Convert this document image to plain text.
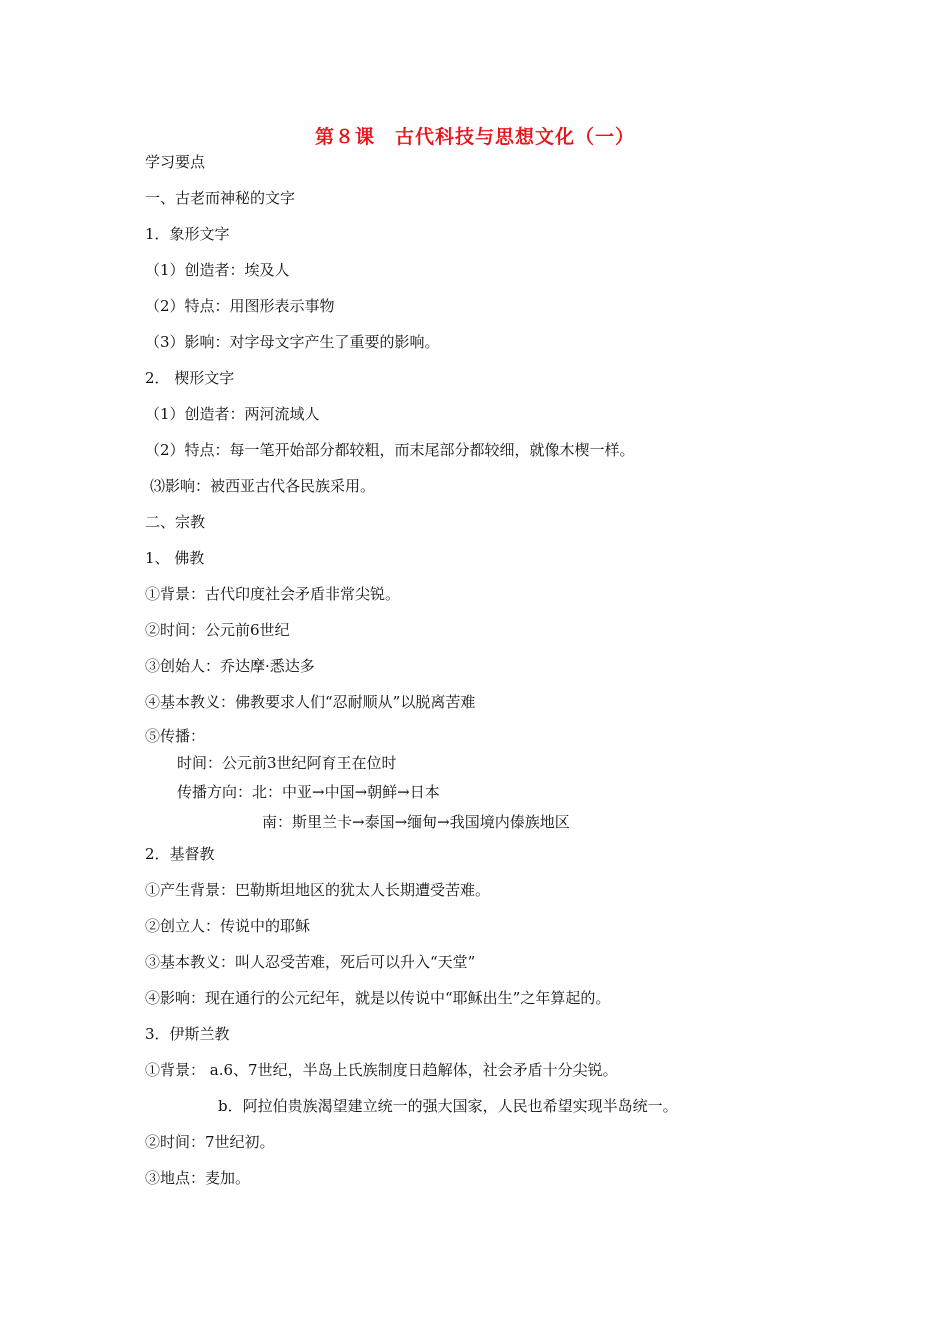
第８课　古代科技与思想文化（一）
学习要点
一、古老而神秘的文字
1．象形文字
（1）创造者：埃及人
（2）特点：用图形表示事物
（3）影响：对字母文字产生了重要的影响。
2． 楔形文字
（1）创造者：两河流域人
（2）特点：每一笔开始部分都较粗，而末尾部分都较细，就像木楔一样。
⑶影响：被西亚古代各民族采用。
二、宗教
1、 佛教
①背景：古代印度社会矛盾非常尖锐。
②时间：公元前6世纪
③创始人：乔达摩·悉达多
④基本教义：佛教要求人们“忍耐顺从”以脱离苦难
⑤传播：
时间：公元前3世纪阿育王在位时
传播方向：北：中亚→中国→朝鲜→日本
南：斯里兰卡→泰国→缅甸→我国境内傣族地区
2．基督教
①产生背景：巴勒斯坦地区的犹太人长期遭受苦难。
②创立人：传说中的耶稣
③基本教义：叫人忍受苦难，死后可以升入“天堂”
④影响：现在通行的公元纪年，就是以传说中“耶稣出生”之年算起的。
3．伊斯兰教
①背景： a.6、7世纪，半岛上氏族制度日趋解体，社会矛盾十分尖锐。
b．阿拉伯贵族渴望建立统一的强大国家，人民也希望实现半岛统一。
②时间：7世纪初。
③地点：麦加。
